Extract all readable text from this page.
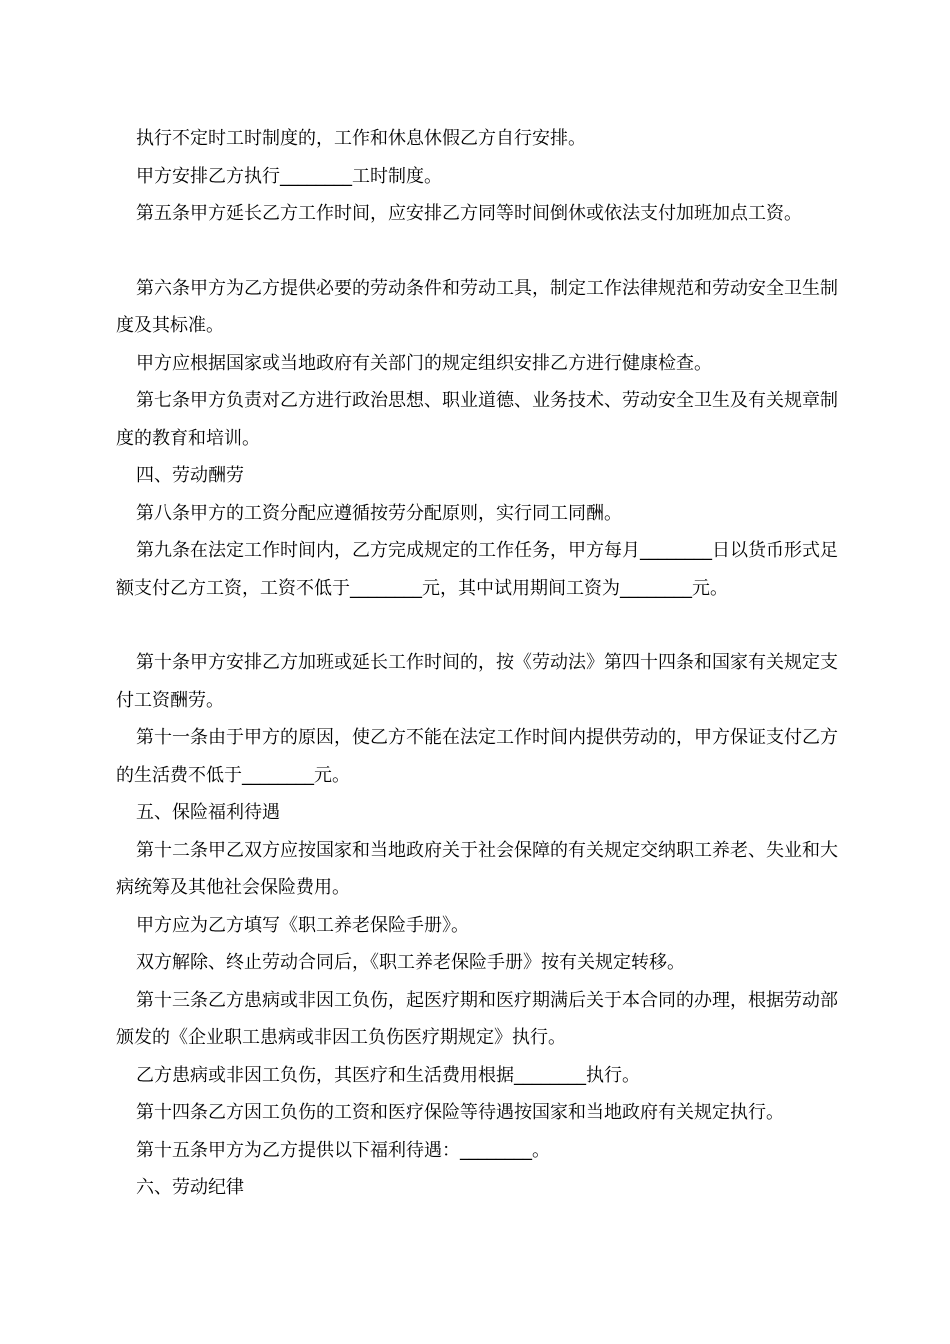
执行不定时工时制度的，工作和休息休假乙方自行安排。

甲方安排乙方执行________工时制度。

第五条甲方延长乙方工作时间，应安排乙方同等时间倒休或依法支付加班加点工资。

第六条甲方为乙方提供必要的劳动条件和劳动工具，制定工作法律规范和劳动安全卫生制度及其标准。

甲方应根据国家或当地政府有关部门的规定组织安排乙方进行健康检查。

第七条甲方负责对乙方进行政治思想、职业道德、业务技术、劳动安全卫生及有关规章制度的教育和培训。

四、劳动酬劳

第八条甲方的工资分配应遵循按劳分配原则，实行同工同酬。

第九条在法定工作时间内，乙方完成规定的工作任务，甲方每月________日以货币形式足额支付乙方工资，工资不低于________元，其中试用期间工资为________元。

第十条甲方安排乙方加班或延长工作时间的，按《劳动法》第四十四条和国家有关规定支付工资酬劳。

第十一条由于甲方的原因，使乙方不能在法定工作时间内提供劳动的，甲方保证支付乙方的生活费不低于________元。

五、保险福利待遇

第十二条甲乙双方应按国家和当地政府关于社会保障的有关规定交纳职工养老、失业和大病统筹及其他社会保险费用。

甲方应为乙方填写《职工养老保险手册》。

双方解除、终止劳动合同后，《职工养老保险手册》按有关规定转移。

第十三条乙方患病或非因工负伤，起医疗期和医疗期满后关于本合同的办理，根据劳动部颁发的《企业职工患病或非因工负伤医疗期规定》执行。

乙方患病或非因工负伤，其医疗和生活费用根据________执行。

第十四条乙方因工负伤的工资和医疗保险等待遇按国家和当地政府有关规定执行。

第十五条甲方为乙方提供以下福利待遇：________。

六、劳动纪律
